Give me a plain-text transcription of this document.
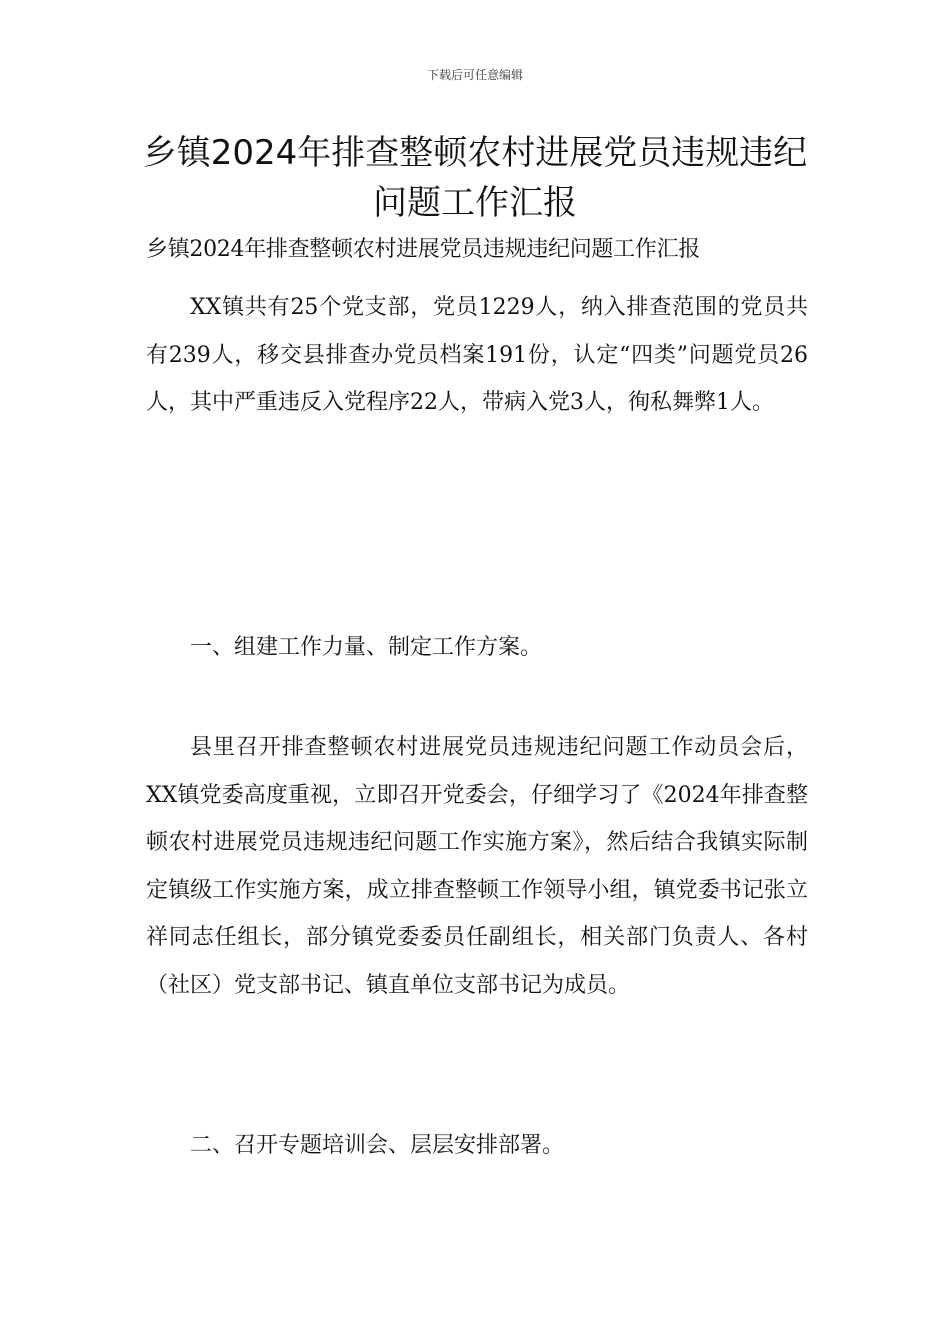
下载后可任意编辑
乡镇2024年排查整顿农村进展党员违规违纪问题工作汇报
乡镇2024年排查整顿农村进展党员违规违纪问题工作汇报

XX镇共有25个党支部，党员1229人，纳入排查范围的党员共有239人，移交县排查办党员档案191份，认定“四类”问题党员26人，其中严重违反入党程序22人，带病入党3人，徇私舞弊1人。

一、组建工作力量、制定工作方案。

县里召开排查整顿农村进展党员违规违纪问题工作动员会后，XX镇党委高度重视，立即召开党委会，仔细学习了《2024年排查整顿农村进展党员违规违纪问题工作实施方案》，然后结合我镇实际制定镇级工作实施方案，成立排查整顿工作领导小组，镇党委书记张立祥同志任组长，部分镇党委委员任副组长，相关部门负责人、各村（社区）党支部书记、镇直单位支部书记为成员。

二、召开专题培训会、层层安排部署。
